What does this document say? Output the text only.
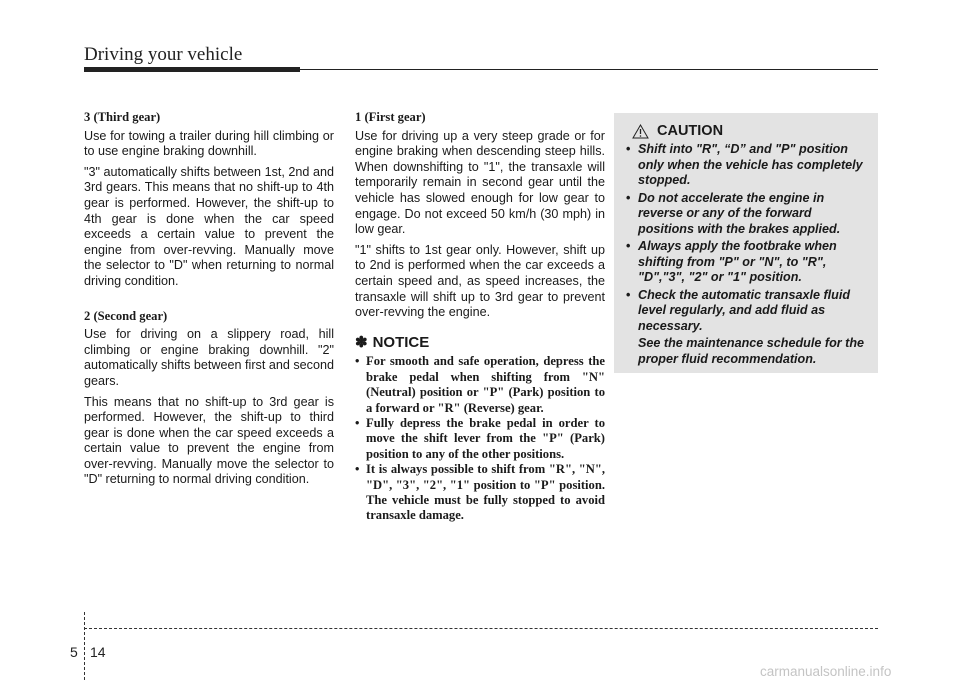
Driving your vehicle
3 (Third gear)

Use for towing a trailer during hill climbing or to use engine braking downhill.

"3" automatically shifts between 1st, 2nd and 3rd gears. This means that no shift-up to 4th gear is performed. However, the shift-up to 4th gear is done when the car speed exceeds a certain value to prevent the engine from over-revving. Manually move the selector to "D" when returning to normal driving condition.

2 (Second gear)

Use for driving on a slippery road, hill climbing or engine braking downhill. "2" automatically shifts between first and second gears.

This means that no shift-up to 3rd gear is performed. However, the shift-up to third gear is done when the car speed exceeds a certain value to prevent the engine from over-revving. Manually move the selector to "D" returning to normal driving condition.

1 (First gear)

Use for driving up a very steep grade or for engine braking when descending steep hills. When downshifting to "1", the transaxle will temporarily remain in second gear until the vehicle has slowed enough for low gear to engage. Do not exceed 50 km/h (30 mph) in low gear.

"1" shifts to 1st gear only. However, shift up to 2nd is performed when the car exceeds a certain speed and, as speed increases, the transaxle will shift up to 3rd gear to prevent over-revving the engine.

✽ NOTICE
• For smooth and safe operation, depress the brake pedal when shifting from "N" (Neutral) position or "P" (Park) position to a forward or "R" (Reverse) gear.
• Fully depress the brake pedal in order to move the shift lever from the "P" (Park) position to any of the other positions.
• It is always possible to shift from "R", "N", "D", "3", "2", "1" position to "P" position. The vehicle must be fully stopped to avoid transaxle damage.
CAUTION
• Shift into "R", “D” and "P" position only when the vehicle has completely stopped.
• Do not accelerate the engine in reverse or any of the forward positions with the brakes applied.
• Always apply the footbrake when shifting from "P" or "N", to "R", "D","3", "2" or "1" position.
• Check the automatic transaxle fluid level regularly, and add fluid as necessary.
See the maintenance schedule for the proper fluid recommendation.
5 14
carmanualsonline.info
